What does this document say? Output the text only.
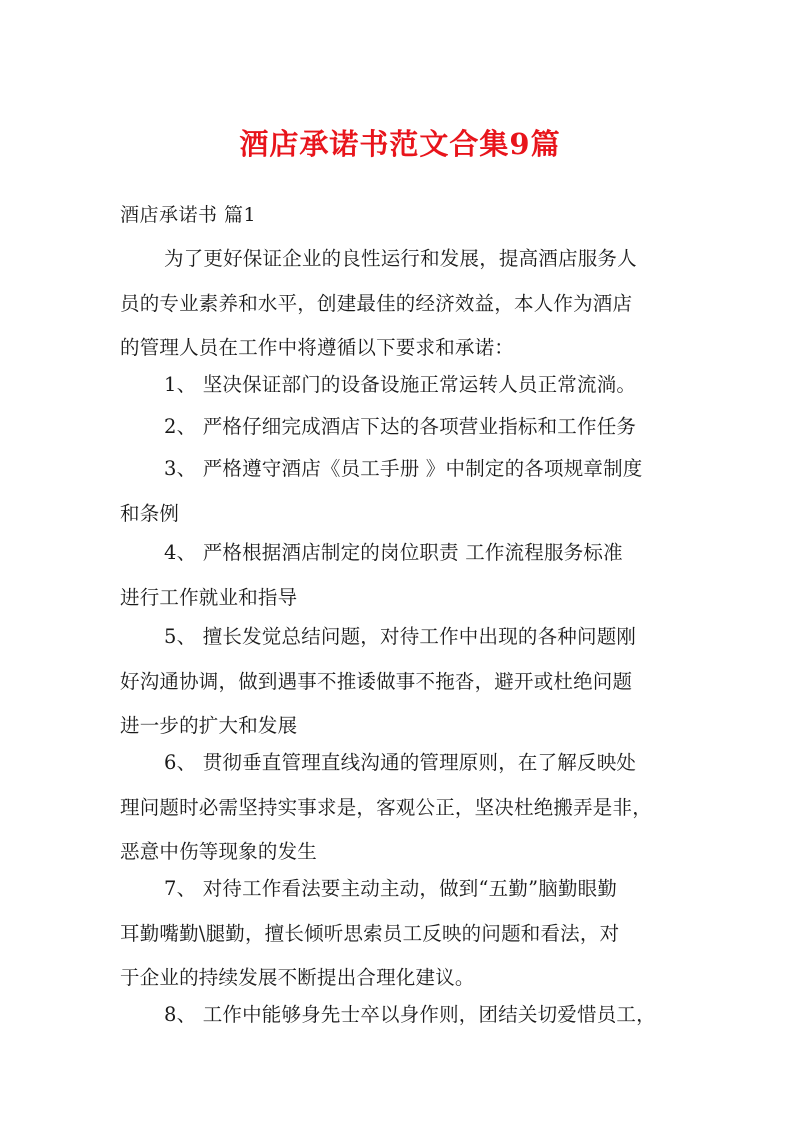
酒店承诺书范文合集9篇
酒店承诺书 篇1
为了更好保证企业的良性运行和发展，提高酒店服务人
员的专业素养和水平，创建最佳的经济效益，本人作为酒店
的管理人员在工作中将遵循以下要求和承诺：
1、 坚决保证部门的设备设施正常运转人员正常流淌。
2、 严格仔细完成酒店下达的各项营业指标和工作任务
3、 严格遵守酒店《员工手册 》中制定的各项规章制度
和条例
4、 严格根据酒店制定的岗位职责 工作流程服务标准
进行工作就业和指导
5、 擅长发觉总结问题，对待工作中出现的各种问题刚
好沟通协调，做到遇事不推诿做事不拖沓，避开或杜绝问题
进一步的扩大和发展
6、 贯彻垂直管理直线沟通的管理原则，在了解反映处
理问题时必需坚持实事求是，客观公正，坚决杜绝搬弄是非，
恶意中伤等现象的发生
7、 对待工作看法要主动主动，做到“五勤”脑勤眼勤
耳勤嘴勤\腿勤，擅长倾听思索员工反映的问题和看法，对
于企业的持续发展不断提出合理化建议。
8、 工作中能够身先士卒以身作则，团结关切爱惜员工，
